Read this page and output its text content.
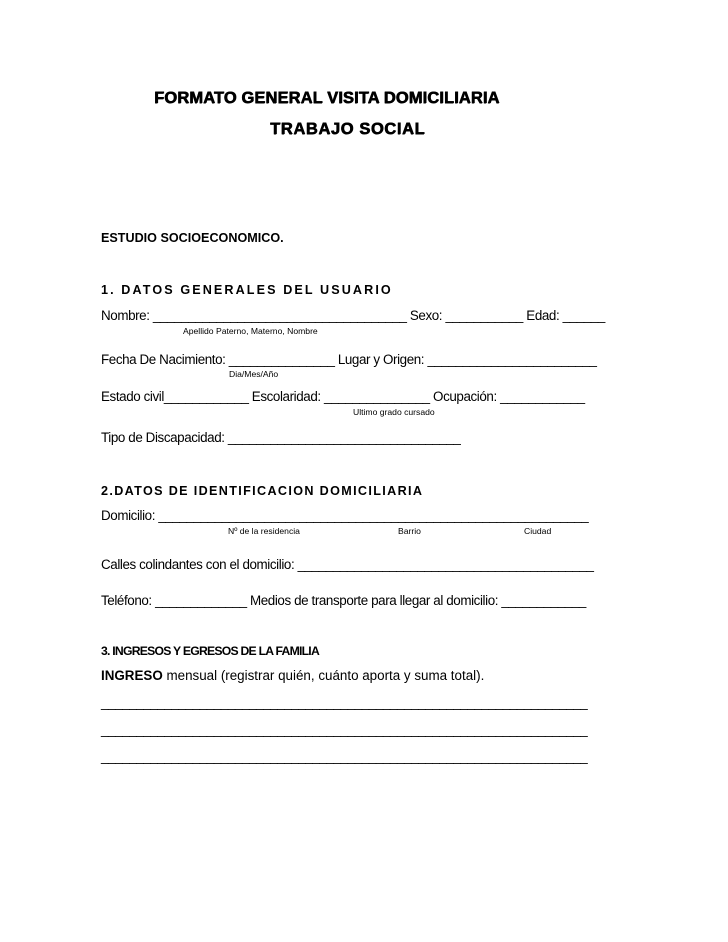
FORMATO GENERAL VISITA DOMICILIARIA
TRABAJO SOCIAL
ESTUDIO SOCIOECONOMICO.
1. DATOS GENERALES DEL USUARIO
Nombre: ____________________________________ Sexo: ___________ Edad: ______
Apellido Paterno, Materno, Nombre
Fecha De Nacimiento: _______________ Lugar y Origen: ________________________
Dia/Mes/Año
Estado civil____________ Escolaridad: _______________ Ocupación: ____________
Ultimo grado cursado
Tipo de Discapacidad: _________________________________
2.DATOS DE IDENTIFICACION DOMICILIARIA
Domicilio: _____________________________________________________________
Nº de la residencia	Barrio	Ciudad
Calles colindantes con el domicilio: __________________________________________
Teléfono: _____________ Medios de transporte para llegar al domicilio: ____________
3. INGRESOS Y EGRESOS DE LA FAMILIA
INGRESO mensual (registrar quién, cuánto aporta y suma total).
_____________________________________________________________________
_____________________________________________________________________
_____________________________________________________________________
